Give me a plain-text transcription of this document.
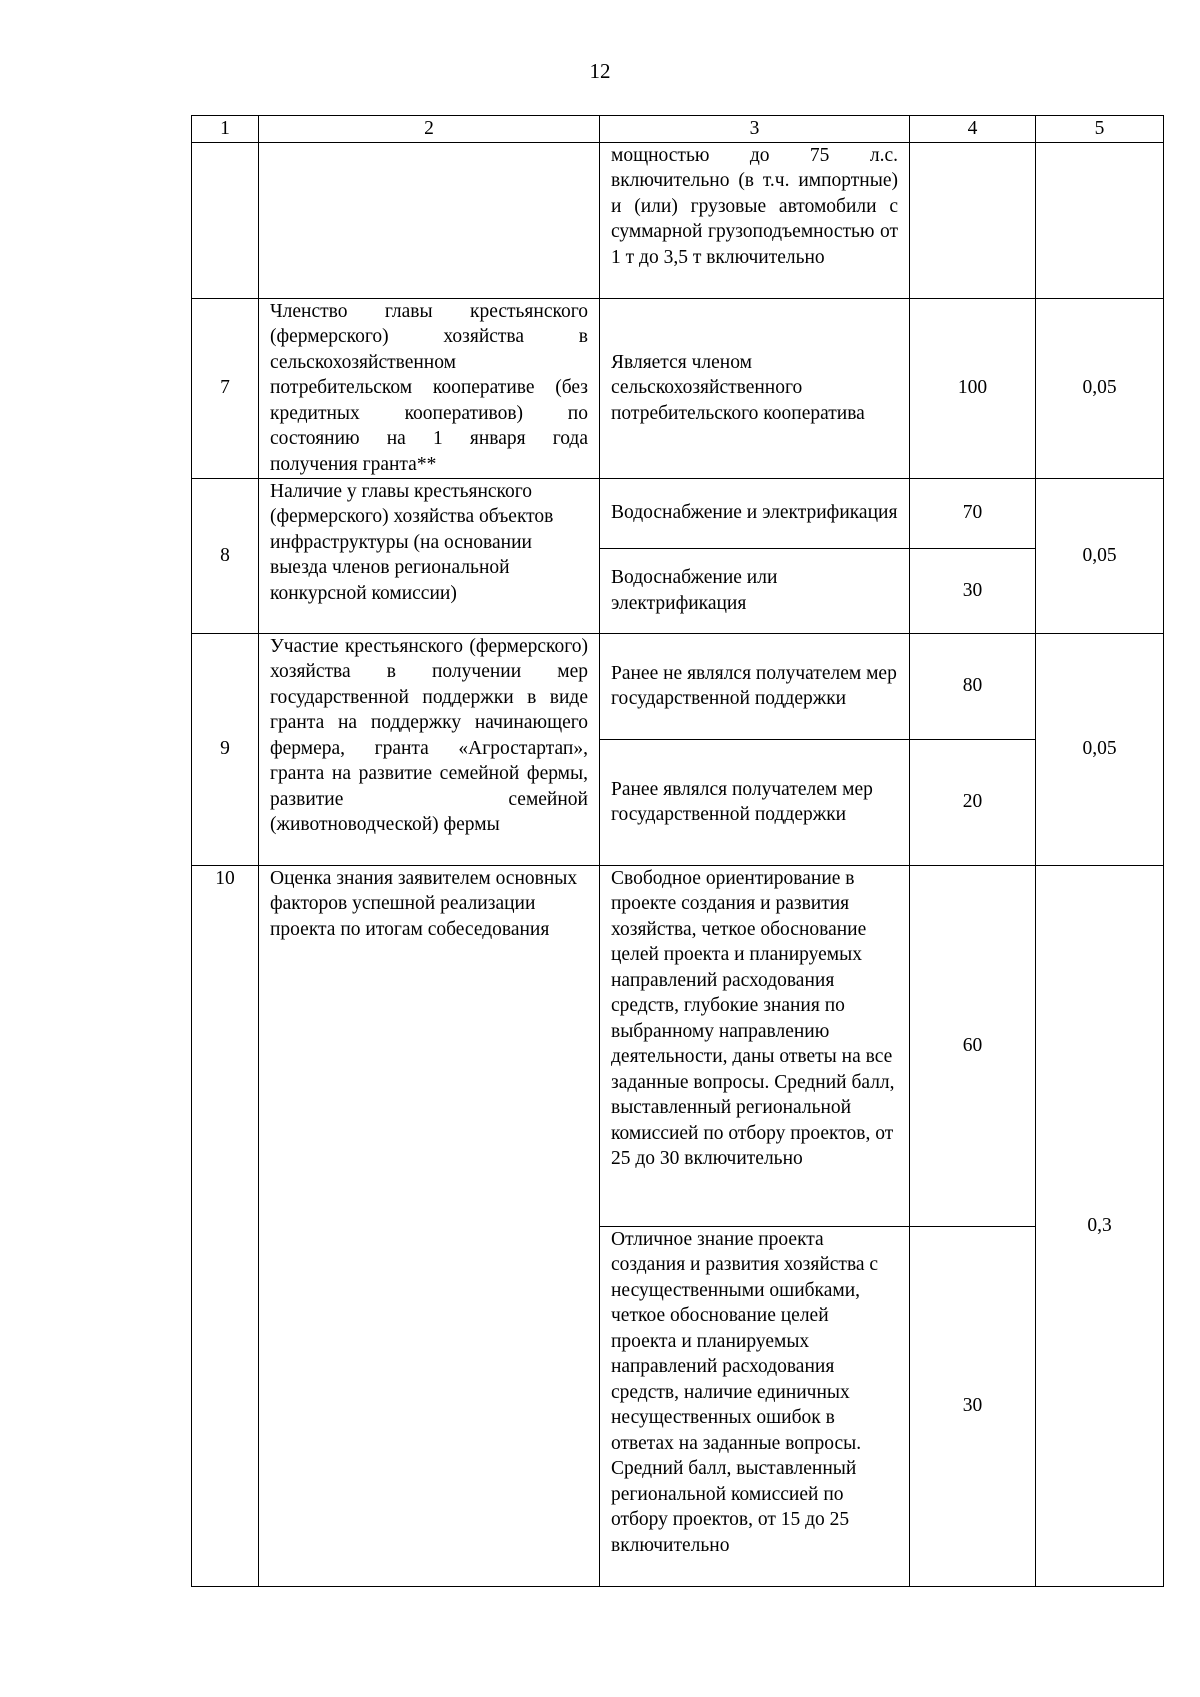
12
1	2	3	4	5
		мощностью до 75 л.с. включительно (в т.ч. импортные) и (или) грузовые автомобили с суммарной грузоподъемностью от 1 т до 3,5 т включительно		
7	Членство главы крестьянского (фермерского) хозяйства в сельскохозяйственном потребительском кооперативе (без кредитных кооперативов) по состоянию на 1 января года получения гранта**	Является членом сельскохозяйственного потребительского кооператива	100	0,05
8	Наличие у главы крестьянского (фермерского) хозяйства объектов инфраструктуры (на основании выезда членов региональной конкурсной комиссии)	Водоснабжение и электрификация	70	0,05
		Водоснабжение или электрификация	30	
9	Участие крестьянского (фермерского) хозяйства в получении мер государственной поддержки в виде гранта на поддержку начинающего фермера, гранта «Агростартап», гранта на развитие семейной фермы, развитие семейной (животноводческой) фермы	Ранее не являлся получателем мер государственной поддержки	80	0,05
		Ранее являлся получателем мер государственной поддержки	20	
10	Оценка знания заявителем основных факторов успешной реализации проекта по итогам собеседования	Свободное ориентирование в проекте создания и развития хозяйства, четкое обоснование целей проекта и планируемых направлений расходования средств, глубокие знания по выбранному направлению деятельности, даны ответы на все заданные вопросы. Средний балл, выставленный региональной комиссией по отбору проектов, от 25 до 30 включительно	60	0,3
		Отличное знание проекта создания и развития хозяйства с несущественными ошибками, четкое обоснование целей проекта и планируемых направлений расходования средств, наличие единичных несущественных ошибок в ответах на заданные вопросы. Средний балл, выставленный региональной комиссией по отбору проектов, от 15 до 25 включительно	30	
